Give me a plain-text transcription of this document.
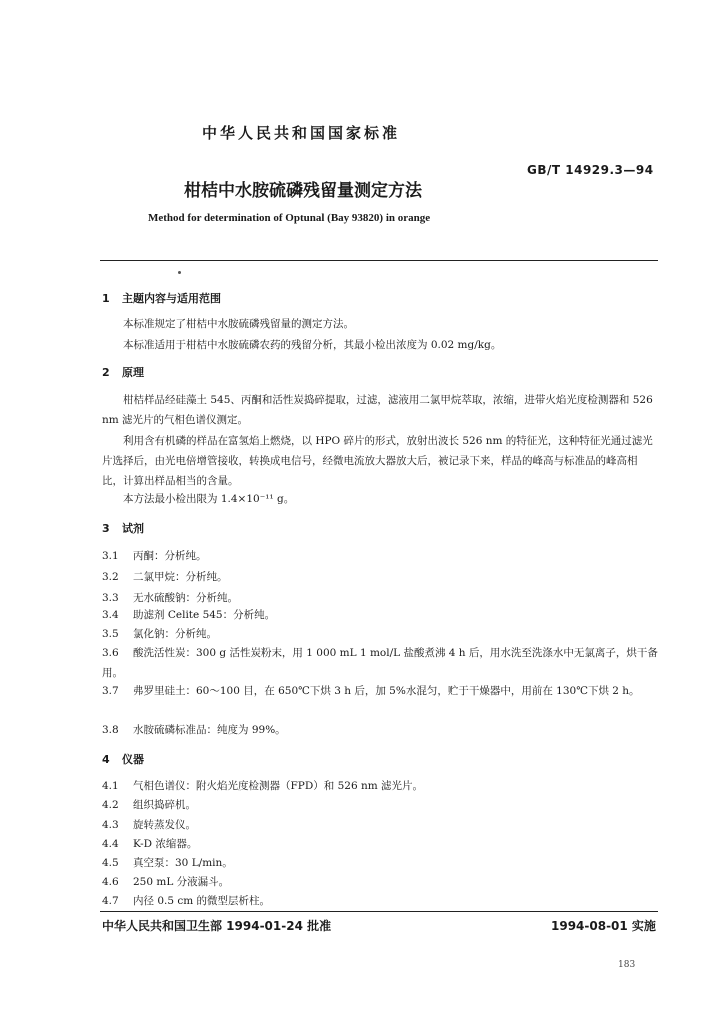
中华人民共和国国家标准
GB/T 14929.3—94
柑桔中水胺硫磷残留量测定方法
Method for determination of Optunal (Bay 93820) in orange
1 主题内容与适用范围
本标准规定了柑桔中水胺硫磷残留量的测定方法。
本标准适用于柑桔中水胺硫磷农药的残留分析，其最小检出浓度为 0.02 mg/kg。
2 原理
柑桔样品经硅藻土 545、丙酮和活性炭捣碎提取，过滤，滤液用二氯甲烷萃取，浓缩，进带火焰光度检测器和 526 nm 滤光片的气相色谱仪测定。
利用含有机磷的样品在富氢焰上燃烧，以 HPO 碎片的形式，放射出波长 526 nm 的特征光，这种特征光通过滤光片选择后，由光电倍增管接收，转换成电信号，经微电流放大器放大后，被记录下来，样品的峰高与标准品的峰高相比，计算出样品相当的含量。
本方法最小检出限为 1.4×10⁻¹¹ g。
3 试剂
3.1 丙酮：分析纯。
3.2 二氯甲烷：分析纯。
3.3 无水硫酸钠：分析纯。
3.4 助滤剂 Celite 545：分析纯。
3.5 氯化钠：分析纯。
3.6 酸洗活性炭：300 g 活性炭粉末，用 1 000 mL 1 mol/L 盐酸煮沸 4 h 后，用水洗至洗涤水中无氯离子，烘干备用。
3.7 弗罗里硅土：60～100 目，在 650℃下烘 3 h 后，加 5%水混匀，贮于干燥器中，用前在 130℃下烘 2 h。
3.8 水胺硫磷标准品：纯度为 99%。
4 仪器
4.1 气相色谱仪：附火焰光度检测器（FPD）和 526 nm 滤光片。
4.2 组织捣碎机。
4.3 旋转蒸发仪。
4.4 K-D 浓缩器。
4.5 真空泵：30 L/min。
4.6 250 mL 分液漏斗。
4.7 内径 0.5 cm 的微型层析柱。
中华人民共和国卫生部 1994-01-24 批准	1994-08-01 实施
183
